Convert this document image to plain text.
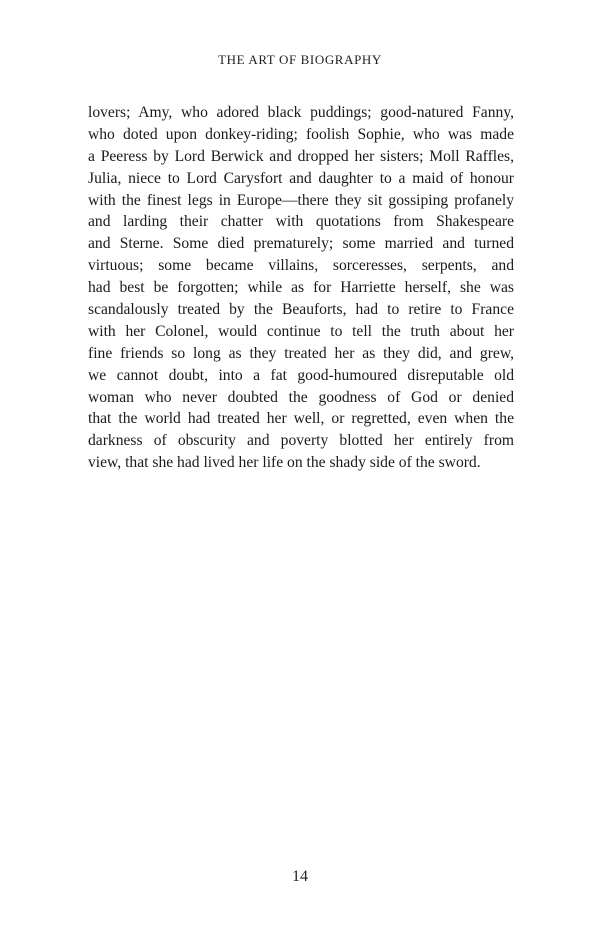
THE ART OF BIOGRAPHY
lovers; Amy, who adored black puddings; good-natured Fanny,
who doted upon donkey-riding; foolish Sophie, who was made
a Peeress by Lord Berwick and dropped her sisters; Moll Raffles,
Julia, niece to Lord Carysfort and daughter to a maid of honour
with the finest legs in Europe—there they sit gossiping profanely
and larding their chatter with quotations from Shakespeare
and Sterne. Some died prematurely; some married and turned
virtuous; some became villains, sorceresses, serpents, and
had best be forgotten; while as for Harriette herself, she was
scandalously treated by the Beauforts, had to retire to France
with her Colonel, would continue to tell the truth about her
fine friends so long as they treated her as they did, and grew,
we cannot doubt, into a fat good-humoured disreputable old
woman who never doubted the goodness of God or denied
that the world had treated her well, or regretted, even when the
darkness of obscurity and poverty blotted her entirely from
view, that she had lived her life on the shady side of the sword.
14
